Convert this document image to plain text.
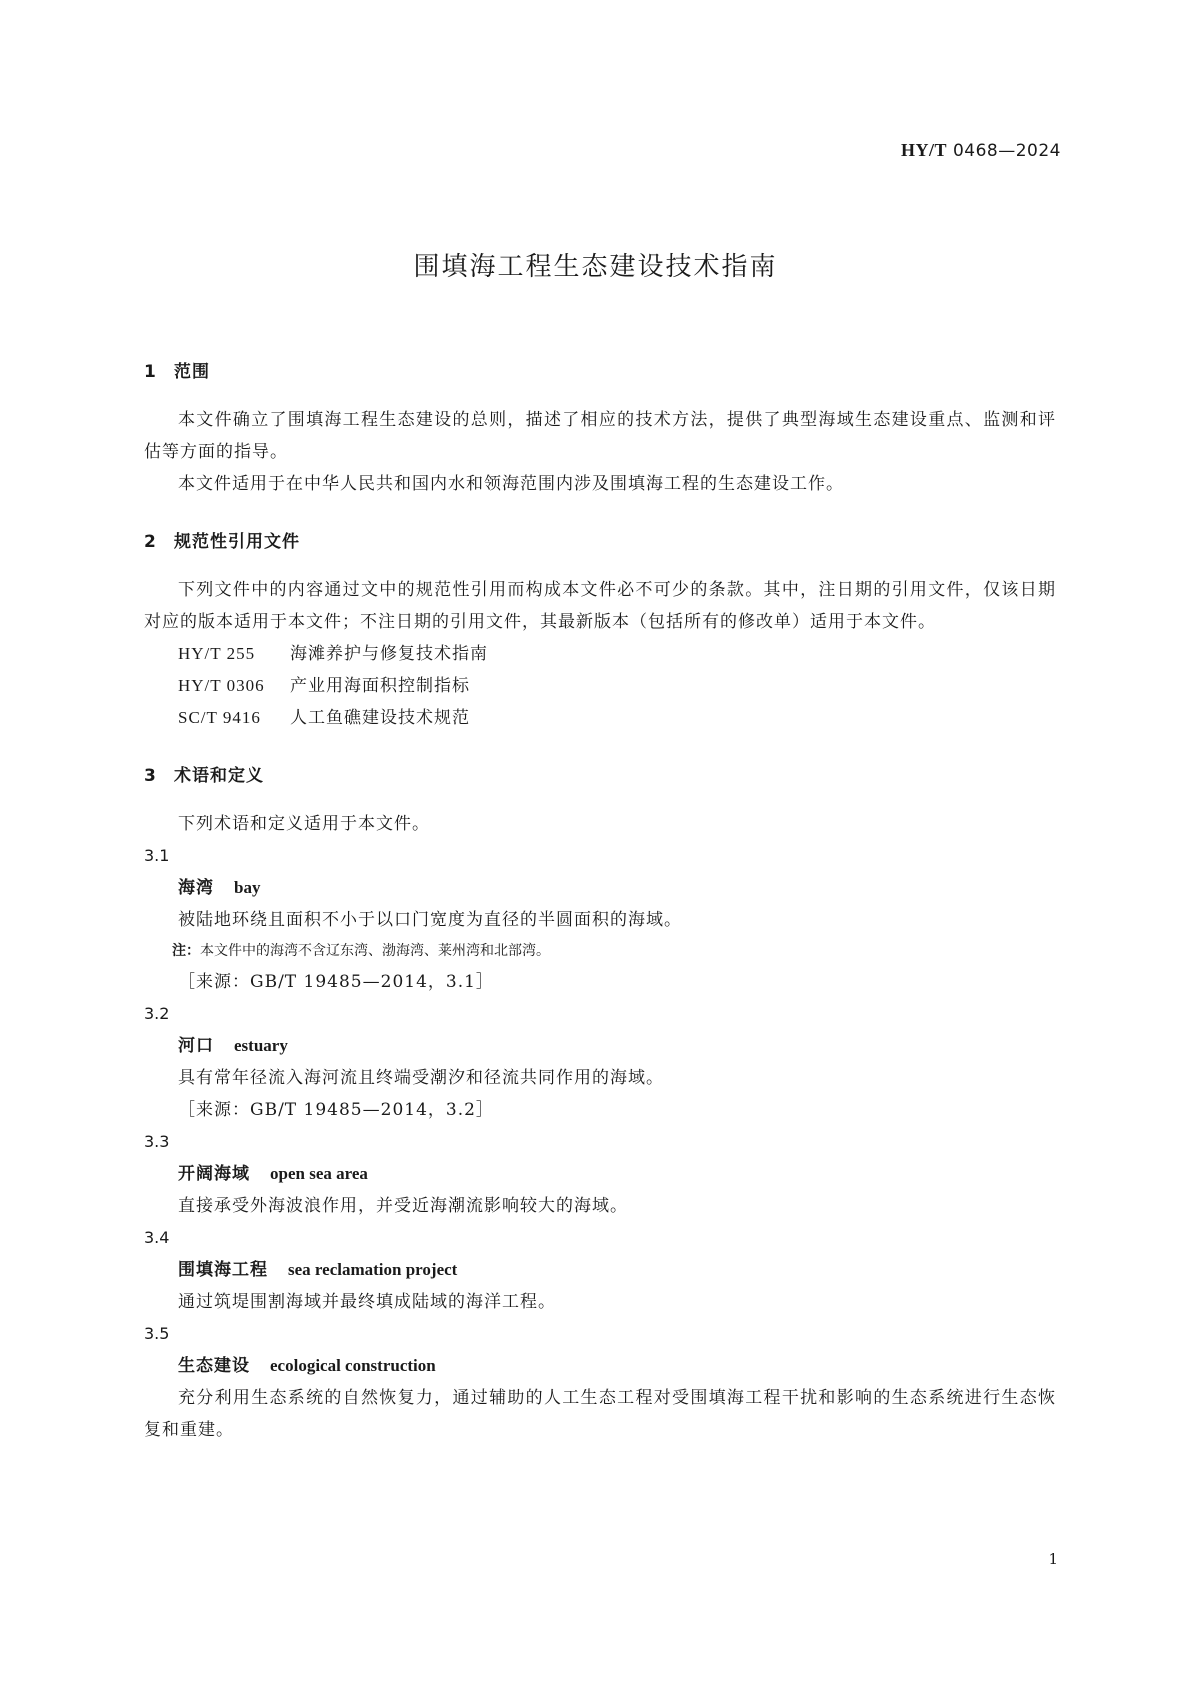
HY/T 0468—2024
围填海工程生态建设技术指南
1 范围
本文件确立了围填海工程生态建设的总则，描述了相应的技术方法，提供了典型海域生态建设重点、监测和评估等方面的指导。
本文件适用于在中华人民共和国内水和领海范围内涉及围填海工程的生态建设工作。
2 规范性引用文件
下列文件中的内容通过文中的规范性引用而构成本文件必不可少的条款。其中，注日期的引用文件，仅该日期对应的版本适用于本文件；不注日期的引用文件，其最新版本（包括所有的修改单）适用于本文件。
HY/T 255 海滩养护与修复技术指南
HY/T 0306 产业用海面积控制指标
SC/T 9416 人工鱼礁建设技术规范
3 术语和定义
下列术语和定义适用于本文件。
3.1
海湾 bay
被陆地环绕且面积不小于以口门宽度为直径的半圆面积的海域。
注：本文件中的海湾不含辽东湾、渤海湾、莱州湾和北部湾。
［来源：GB/T 19485—2014，3.1］
3.2
河口 estuary
具有常年径流入海河流且终端受潮汐和径流共同作用的海域。
［来源：GB/T 19485—2014，3.2］
3.3
开阔海域 open sea area
直接承受外海波浪作用，并受近海潮流影响较大的海域。
3.4
围填海工程 sea reclamation project
通过筑堤围割海域并最终填成陆域的海洋工程。
3.5
生态建设 ecological construction
充分利用生态系统的自然恢复力，通过辅助的人工生态工程对受围填海工程干扰和影响的生态系统进行生态恢复和重建。
1
